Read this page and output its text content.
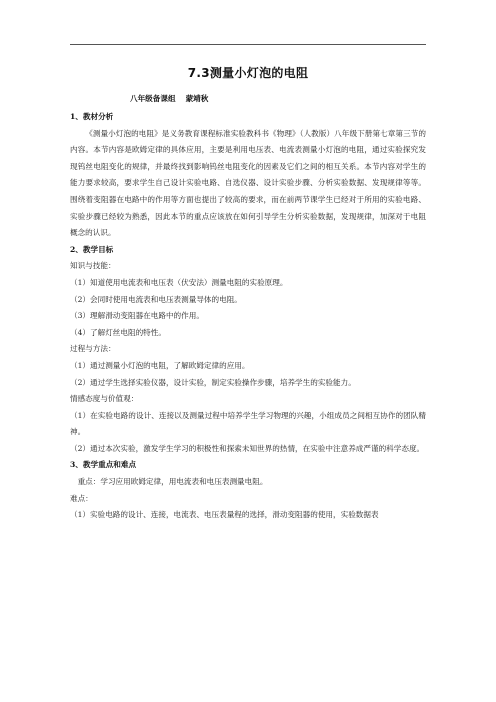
7.3测量小灯泡的电阻
八年级备课组 蒙靖秋

1、教材分析

《测量小灯泡的电阻》是义务教育课程标准实验教科书《物理》（人教版）八年级下册第七章第三节的内容。本节内容是欧姆定律的具体应用，主要是利用电压表、电流表测量小灯泡的电阻，通过实验探究发现钨丝电阻变化的规律，并最终找到影响钨丝电阻变化的因素及它们之间的相互关系。本节内容对学生的能力要求较高，要求学生自己设计实验电路、自选仪器、设计实验步骤、分析实验数据、发现规律等等。围绕着变阻器在电路中的作用等方面也提出了较高的要求，而在前两节课学生已经对于所用的实验电路、实验步骤已经较为熟悉，因此本节的重点应该放在如何引导学生分析实验数据，发现规律，加深对于电阻概念的认识。

2、教学目标

知识与技能：

（1）知道使用电流表和电压表（伏安法）测量电阻的实验原理。

（2）会同时使用电流表和电压表测量导体的电阻。

（3）理解滑动变阻器在电路中的作用。

（4）了解灯丝电阻的特性。

过程与方法：

（1）通过测量小灯泡的电阻，了解欧姆定律的应用。

（2）通过学生选择实验仪器，设计实验，制定实验操作步骤，培养学生的实验能力。

情感态度与价值观：

（1）在实验电路的设计、连接以及测量过程中培养学生学习物理的兴趣，小组成员之间相互协作的团队精神。

（2）通过本次实验，激发学生学习的积极性和探索未知世界的热情，在实验中注意养成严谨的科学态度。

3、教学重点和难点

重点：学习应用欧姆定律，用电流表和电压表测量电阻。

难点：

（1）实验电路的设计、连接，电流表、电压表量程的选择，滑动变阻器的使用，实验数据表
